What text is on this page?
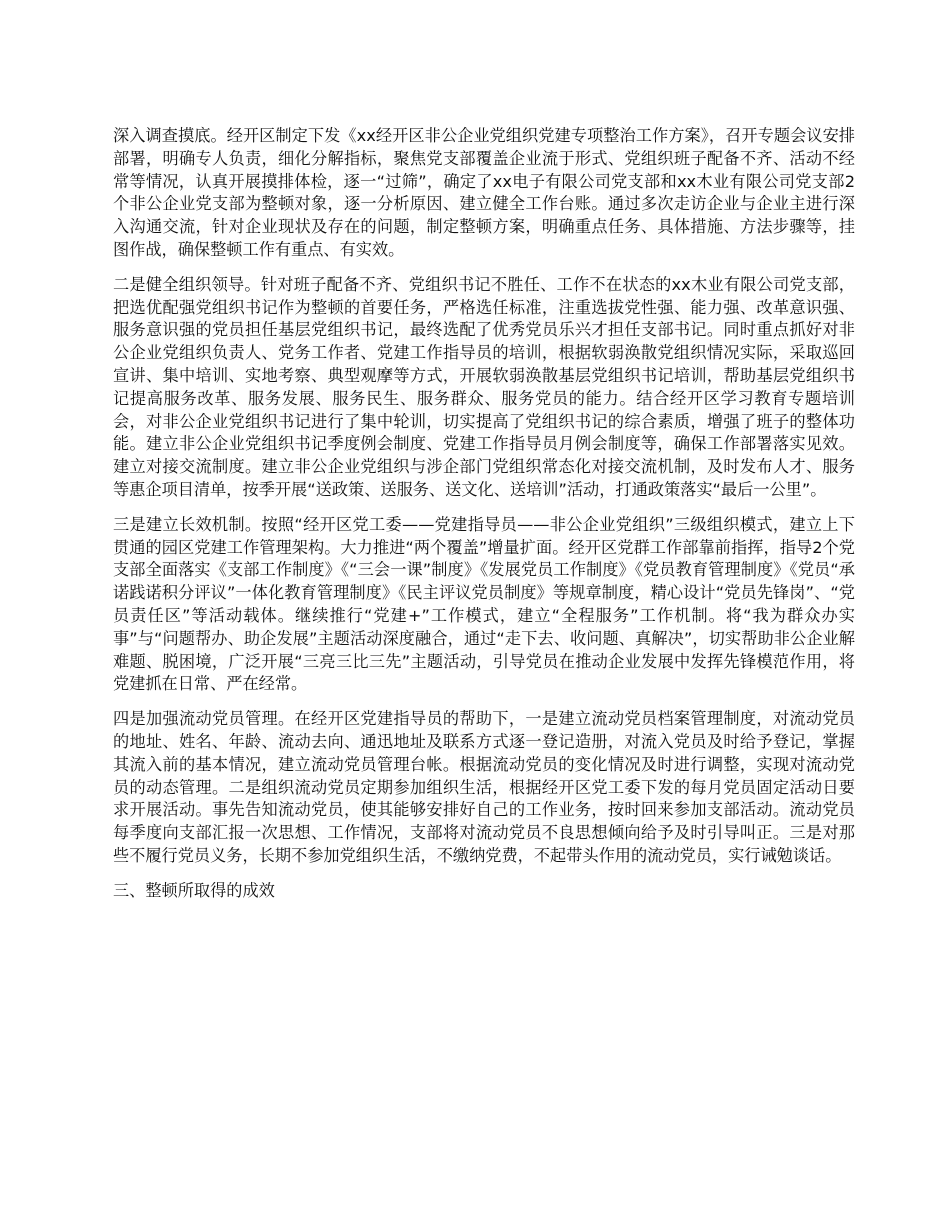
深入调查摸底。经开区制定下发《xx经开区非公企业党组织党建专项整治工作方案》，召开专题会议安排部署，明确专人负责，细化分解指标，聚焦党支部覆盖企业流于形式、党组织班子配备不齐、活动不经常等情况，认真开展摸排体检，逐一“过筛”，确定了xx电子有限公司党支部和xx木业有限公司党支部2个非公企业党支部为整顿对象，逐一分析原因、建立健全工作台账。通过多次走访企业与企业主进行深入沟通交流，针对企业现状及存在的问题，制定整顿方案，明确重点任务、具体措施、方法步骤等，挂图作战，确保整顿工作有重点、有实效。

二是健全组织领导。针对班子配备不齐、党组织书记不胜任、工作不在状态的xx木业有限公司党支部，把选优配强党组织书记作为整顿的首要任务，严格选任标准，注重选拔党性强、能力强、改革意识强、服务意识强的党员担任基层党组织书记，最终选配了优秀党员乐兴才担任支部书记。同时重点抓好对非公企业党组织负责人、党务工作者、党建工作指导员的培训，根据软弱涣散党组织情况实际，采取巡回宣讲、集中培训、实地考察、典型观摩等方式，开展软弱涣散基层党组织书记培训，帮助基层党组织书记提高服务改革、服务发展、服务民生、服务群众、服务党员的能力。结合经开区学习教育专题培训会，对非公企业党组织书记进行了集中轮训，切实提高了党组织书记的综合素质，增强了班子的整体功能。建立非公企业党组织书记季度例会制度、党建工作指导员月例会制度等，确保工作部署落实见效。建立对接交流制度。建立非公企业党组织与涉企部门党组织常态化对接交流机制，及时发布人才、服务等惠企项目清单，按季开展“送政策、送服务、送文化、送培训”活动，打通政策落实“最后一公里”。

三是建立长效机制。按照“经开区党工委——党建指导员——非公企业党组织”三级组织模式，建立上下贯通的园区党建工作管理架构。大力推进“两个覆盖”增量扩面。经开区党群工作部靠前指挥，指导2个党支部全面落实《支部工作制度》《“三会一课”制度》《发展党员工作制度》《党员教育管理制度》《党员“承诺践诺积分评议”一体化教育管理制度》《民主评议党员制度》等规章制度，精心设计“党员先锋岗”、“党员责任区”等活动载体。继续推行“党建+”工作模式，建立“全程服务”工作机制。将“我为群众办实事”与“问题帮办、助企发展”主题活动深度融合，通过“走下去、收问题、真解决”，切实帮助非公企业解难题、脱困境，广泛开展“三亮三比三先”主题活动，引导党员在推动企业发展中发挥先锋模范作用，将党建抓在日常、严在经常。

四是加强流动党员管理。在经开区党建指导员的帮助下，一是建立流动党员档案管理制度，对流动党员的地址、姓名、年龄、流动去向、通迅地址及联系方式逐一登记造册，对流入党员及时给予登记，掌握其流入前的基本情况，建立流动党员管理台帐。根据流动党员的变化情况及时进行调整，实现对流动党员的动态管理。二是组织流动党员定期参加组织生活，根据经开区党工委下发的每月党员固定活动日要求开展活动。事先告知流动党员，使其能够安排好自己的工作业务，按时回来参加支部活动。流动党员每季度向支部汇报一次思想、工作情况，支部将对流动党员不良思想倾向给予及时引导叫正。三是对那些不履行党员义务，长期不参加党组织生活，不缴纳党费，不起带头作用的流动党员，实行诫勉谈话。

三、整顿所取得的成效
